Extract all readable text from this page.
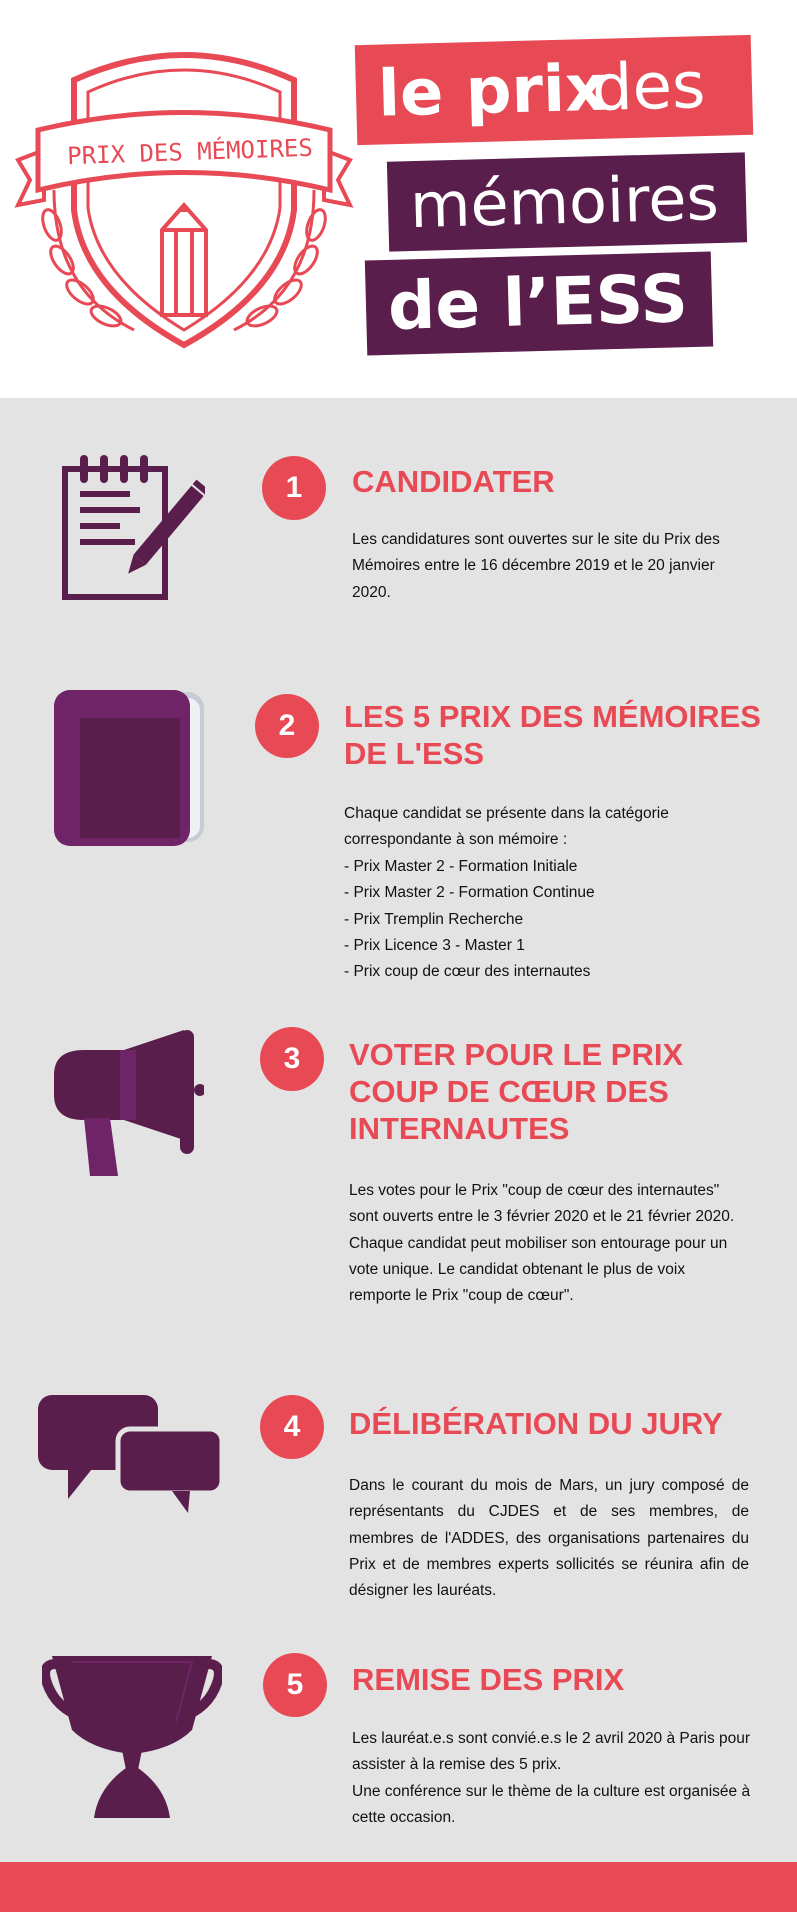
PRIX DES MÉMOIRES
le prix
des
mémoires
de l’ESS
1	CANDIDATER

Les candidatures sont ouvertes sur le site du Prix des Mémoires entre le 16 décembre 2019 et le 20 janvier 2020.

2	LES 5 PRIX DES MÉMOIRES DE L'ESS

Chaque candidat se présente dans la catégorie correspondante à son mémoire :

- Prix Master 2 - Formation Initiale
- Prix Master 2 - Formation Continue
- Prix Tremplin Recherche
- Prix Licence 3 - Master 1
- Prix coup de cœur des internautes
3	VOTER POUR LE PRIX COUP DE CŒUR DES INTERNAUTES

Les votes pour le Prix "coup de cœur des internautes" sont ouverts entre le 3 février 2020 et le 21 février 2020. Chaque candidat peut mobiliser son entourage pour un vote unique. Le candidat obtenant le plus de voix remporte le Prix "coup de cœur".

4	DÉLIBÉRATION DU JURY

Dans le courant du mois de Mars, un jury composé de représentants du CJDES et de ses membres, de membres de l'ADDES, des organisations partenaires du Prix et de membres experts sollicités se réunira afin de désigner les lauréats.

5	REMISE DES PRIX

Les lauréat.e.s sont convié.e.s le 2 avril 2020 à Paris pour assister à la remise des 5 prix.

Une conférence sur le thème de la culture est organisée à cette occasion.
